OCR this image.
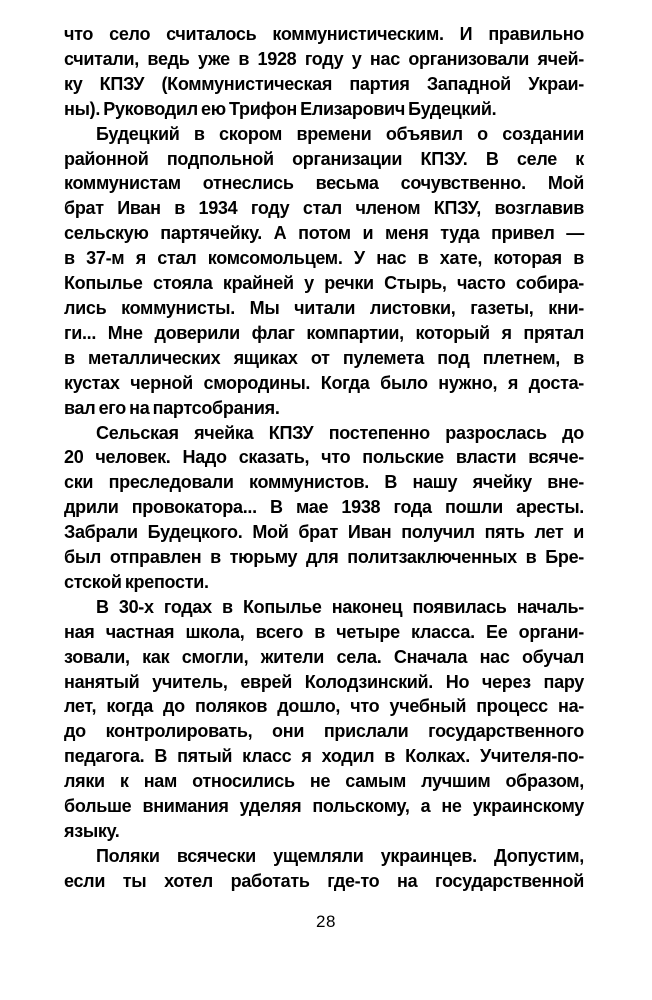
что село считалось коммунистическим. И правильно
считали, ведь уже в 1928 году у нас организовали ячей-
ку КПЗУ (Коммунистическая партия Западной Украи-
ны). Руководил ею Трифон Елизарович Будецкий.
Будецкий в скором времени объявил о создании
районной подпольной организации КПЗУ. В селе к
коммунистам отнеслись весьма сочувственно. Мой
брат Иван в 1934 году стал членом КПЗУ, возглавив
сельскую партячейку. А потом и меня туда привел —
в 37-м я стал комсомольцем. У нас в хате, которая в
Копылье стояла крайней у речки Стырь, часто собира-
лись коммунисты. Мы читали листовки, газеты, кни-
ги... Мне доверили флаг компартии, который я прятал
в металлических ящиках от пулемета под плетнем, в
кустах черной смородины. Когда было нужно, я доста-
вал его на партсобрания.
Сельская ячейка КПЗУ постепенно разрослась до
20 человек. Надо сказать, что польские власти всяче-
ски преследовали коммунистов. В нашу ячейку вне-
дрили провокатора... В мае 1938 года пошли аресты.
Забрали Будецкого. Мой брат Иван получил пять лет и
был отправлен в тюрьму для политзаключенных в Бре-
стской крепости.
В 30-х годах в Копылье наконец появилась началь-
ная частная школа, всего в четыре класса. Ее органи-
зовали, как смогли, жители села. Сначала нас обучал
нанятый учитель, еврей Колодзинский. Но через пару
лет, когда до поляков дошло, что учебный процесс на-
до контролировать, они прислали государственного
педагога. В пятый класс я ходил в Колках. Учителя-по-
ляки к нам относились не самым лучшим образом,
больше внимания уделяя польскому, а не украинскому
языку.
Поляки всячески ущемляли украинцев. Допустим,
если ты хотел работать где-то на государственной
28
